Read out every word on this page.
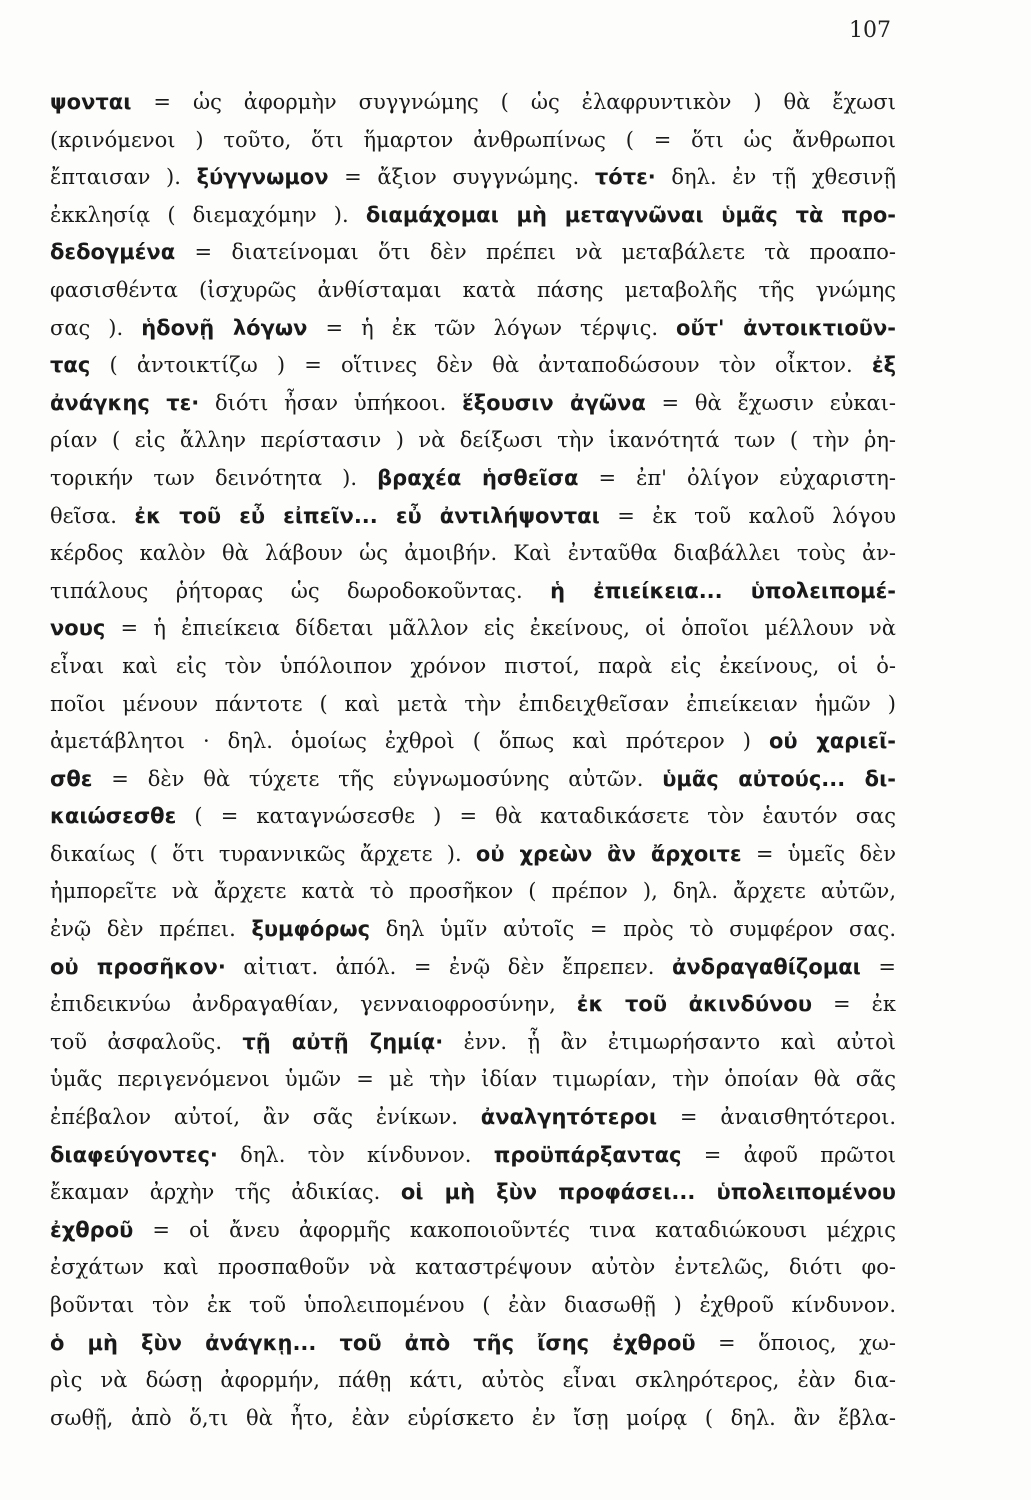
107
ψονται = ὡς ἀφορμὴν συγγνώμης ( ὡς ἐλαφρυντικὸν ) θὰ ἔχωσι
(κρινόμενοι ) τοῦτο, ὅτι ἥμαρτον ἀνθρωπίνως ( = ὅτι ὡς ἄνθρωποι
ἔπταισαν ). ξύγγνωμον = ἄξιον συγγνώμης. τότε· δηλ. ἐν τῇ χθεσινῇ
ἐκκλησίᾳ ( διεμαχόμην ). διαμάχομαι μὴ μεταγνῶναι ὑμᾶς τὰ προ-
δεδογμένα = διατείνομαι ὅτι δὲν πρέπει νὰ μεταβάλετε τὰ προαπο-
φασισθέντα (ἰσχυρῶς ἀνθίσταμαι κατὰ πάσης μεταβολῆς τῆς γνώμης
σας ). ἡδονῇ λόγων = ἡ ἐκ τῶν λόγων τέρψις. οὔτ' ἀντοικτιοῦν-
τας ( ἀντοικτίζω ) = οἵτινες δὲν θὰ ἀνταποδώσουν τὸν οἶκτον. ἐξ
ἀνάγκης τε· διότι ἦσαν ὑπήκοοι. ἕξουσιν ἀγῶνα = θὰ ἔχωσιν εὐκαι-
ρίαν ( εἰς ἄλλην περίστασιν ) νὰ δείξωσι τὴν ἱκανότητά των ( τὴν ῥη-
τορικήν των δεινότητα ). βραχέα ἡσθεῖσα = ἐπ' ὀλίγον εὐχαριστη-
θεῖσα. ἐκ τοῦ εὖ εἰπεῖν... εὖ ἀντιλήψονται = ἐκ τοῦ καλοῦ λόγου
κέρδος καλὸν θὰ λάβουν ὡς ἀμοιβήν. Καὶ ἐνταῦθα διαβάλλει τοὺς ἀν-
τιπάλους ῥήτορας ὡς δωροδοκοῦντας. ἡ ἐπιείκεια... ὑπολειπομέ-
νους = ἡ ἐπιείκεια δίδεται μᾶλλον εἰς ἐκείνους, οἱ ὁποῖοι μέλλουν νὰ
εἶναι καὶ εἰς τὸν ὑπόλοιπον χρόνον πιστοί, παρὰ εἰς ἐκείνους, οἱ ὁ-
ποῖοι μένουν πάντοτε ( καὶ μετὰ τὴν ἐπιδειχθεῖσαν ἐπιείκειαν ἡμῶν )
ἀμετάβλητοι · δηλ. ὁμοίως ἐχθροὶ ( ὅπως καὶ πρότερον ) οὐ χαριεῖ-
σθε = δὲν θὰ τύχετε τῆς εὐγνωμοσύνης αὐτῶν. ὑμᾶς αὐτούς... δι-
καιώσεσθε ( = καταγνώσεσθε ) = θὰ καταδικάσετε τὸν ἑαυτόν σας
δικαίως ( ὅτι τυραννικῶς ἄρχετε ). οὐ χρεὼν ἂν ἄρχοιτε = ὑμεῖς δὲν
ἠμπορεῖτε νὰ ἄρχετε κατὰ τὸ προσῆκον ( πρέπον ), δηλ. ἄρχετε αὐτῶν,
ἐνῷ δὲν πρέπει. ξυμφόρως δηλ ὑμῖν αὐτοῖς = πρὸς τὸ συμφέρον σας.
οὐ προσῆκον· αἰτιατ. ἀπόλ. = ἐνῷ δὲν ἔπρεπεν. ἀνδραγαθίζομαι =
ἐπιδεικνύω ἀνδραγαθίαν, γενναιοφροσύνην, ἐκ τοῦ ἀκινδύνου = ἐκ
τοῦ ἀσφαλοῦς. τῇ αὐτῇ ζημίᾳ· ἐνν. ᾗ ἂν ἐτιμωρήσαντο καὶ αὐτοὶ
ὑμᾶς περιγενόμενοι ὑμῶν = μὲ τὴν ἰδίαν τιμωρίαν, τὴν ὁποίαν θὰ σᾶς
ἐπέβαλον αὐτοί, ἂν σᾶς ἐνίκων. ἀναλγητότεροι = ἀναισθητότεροι.
διαφεύγοντες· δηλ. τὸν κίνδυνον. προϋπάρξαντας = ἀφοῦ πρῶτοι
ἔκαμαν ἀρχὴν τῆς ἀδικίας. οἱ μὴ ξὺν προφάσει... ὑπολειπομένου
ἐχθροῦ = οἱ ἄνευ ἀφορμῆς κακοποιοῦντές τινα καταδιώκουσι μέχρις
ἐσχάτων καὶ προσπαθοῦν νὰ καταστρέψουν αὐτὸν ἐντελῶς, διότι φο-
βοῦνται τὸν ἐκ τοῦ ὑπολειπομένου ( ἐὰν διασωθῇ ) ἐχθροῦ κίνδυνον.
ὁ μὴ ξὺν ἀνάγκῃ... τοῦ ἀπὸ τῆς ἴσης ἐχθροῦ = ὅποιος, χω-
ρὶς νὰ δώσῃ ἀφορμήν, πάθῃ κάτι, αὐτὸς εἶναι σκληρότερος, ἐὰν δια-
σωθῇ, ἀπὸ ὅ,τι θὰ ἦτο, ἐὰν εὑρίσκετο ἐν ἴσῃ μοίρᾳ ( δηλ. ἂν ἔβλα-
